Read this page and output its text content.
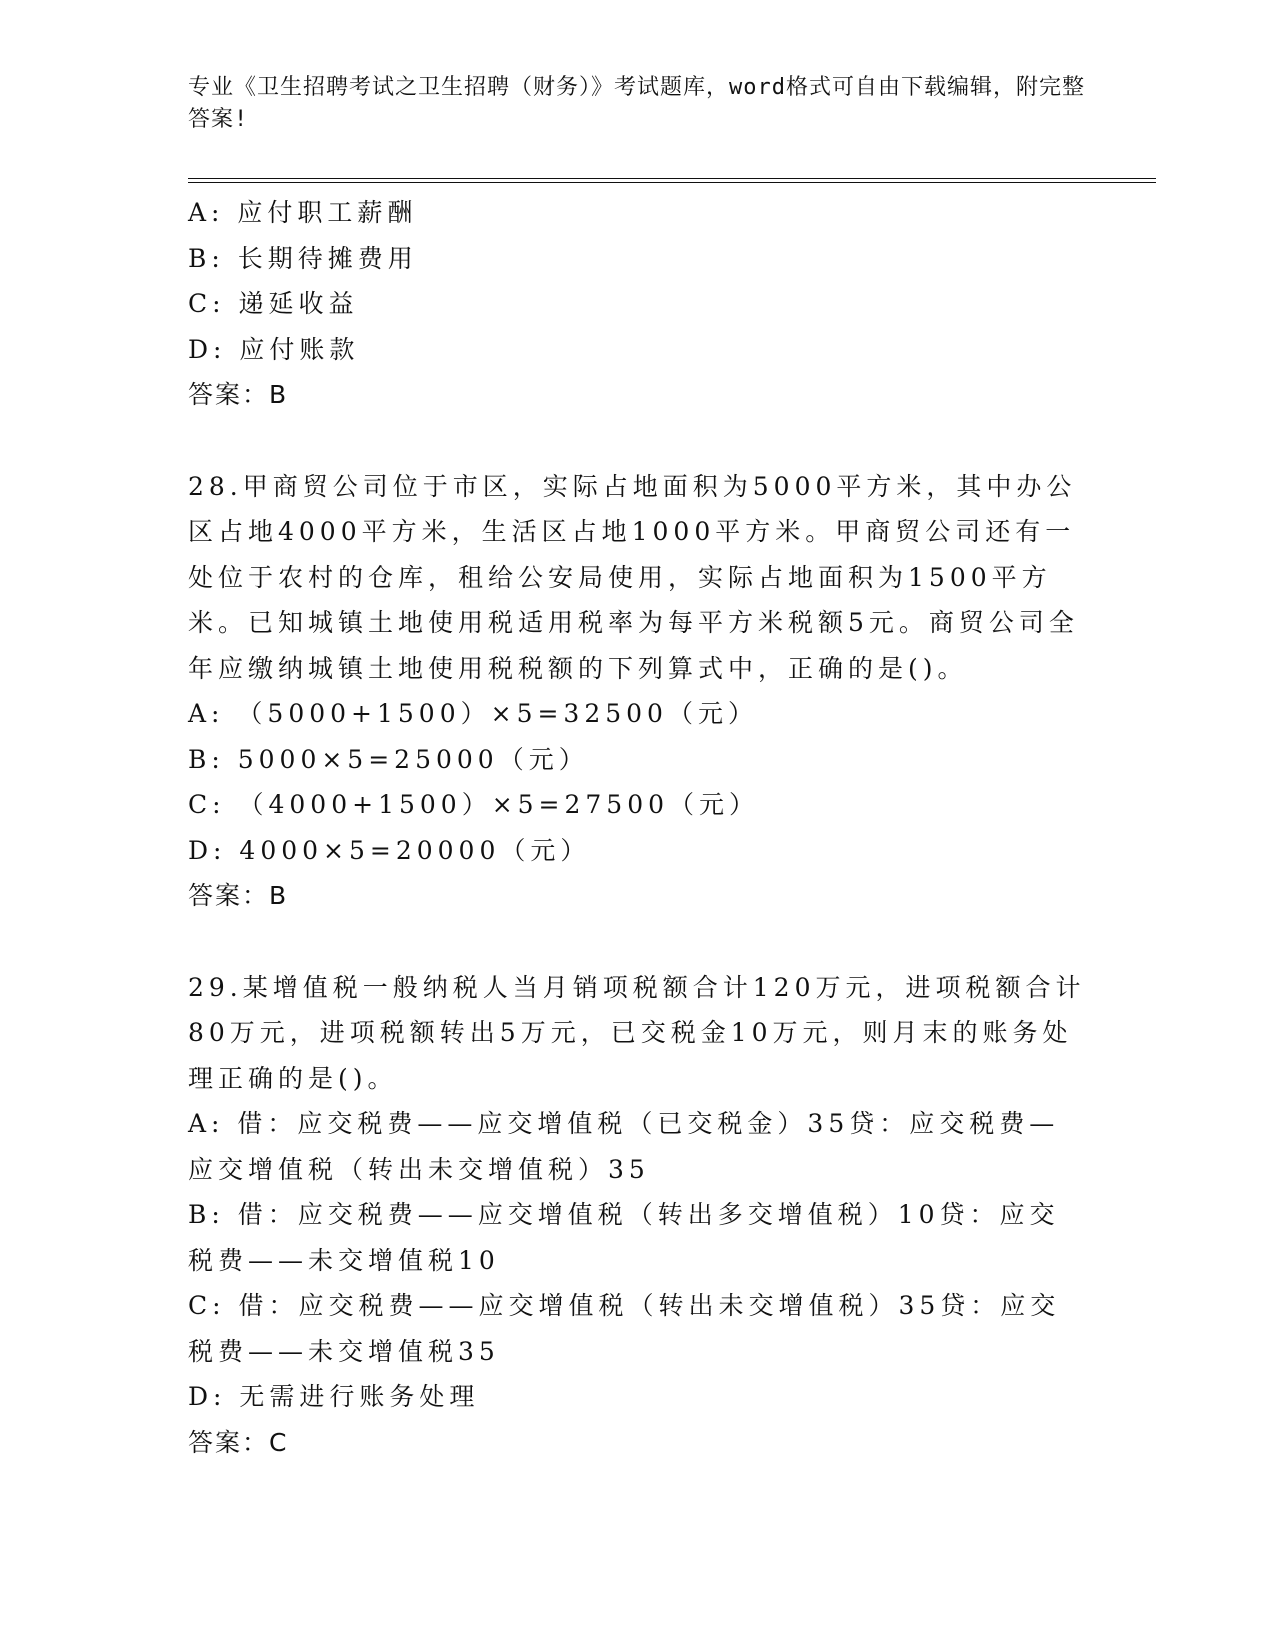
专业《卫生招聘考试之卫生招聘（财务）》考试题库，word格式可自由下载编辑，附完整答案!
A: 应付职工薪酬
B: 长期待摊费用
C: 递延收益
D: 应付账款
答案：B
28.甲商贸公司位于市区，实际占地面积为5000平方米，其中办公区占地4000平方米，生活区占地1000平方米。甲商贸公司还有一处位于农村的仓库，租给公安局使用，实际占地面积为1500平方米。已知城镇土地使用税适用税率为每平方米税额5元。商贸公司全年应缴纳城镇土地使用税税额的下列算式中，正确的是()。
A: （5000+1500）×5=32500（元）
B: 5000×5=25000（元）
C: （4000+1500）×5=27500（元）
D: 4000×5=20000（元）
答案：B
29.某增值税一般纳税人当月销项税额合计120万元，进项税额合计80万元，进项税额转出5万元，已交税金10万元，则月末的账务处理正确的是()。
A: 借：应交税费——应交增值税（已交税金）35贷：应交税费—应交增值税（转出未交增值税）35
B: 借：应交税费——应交增值税（转出多交增值税）10贷：应交税费——未交增值税10
C: 借：应交税费——应交增值税（转出未交增值税）35贷：应交税费——未交增值税35
D: 无需进行账务处理
答案：C
